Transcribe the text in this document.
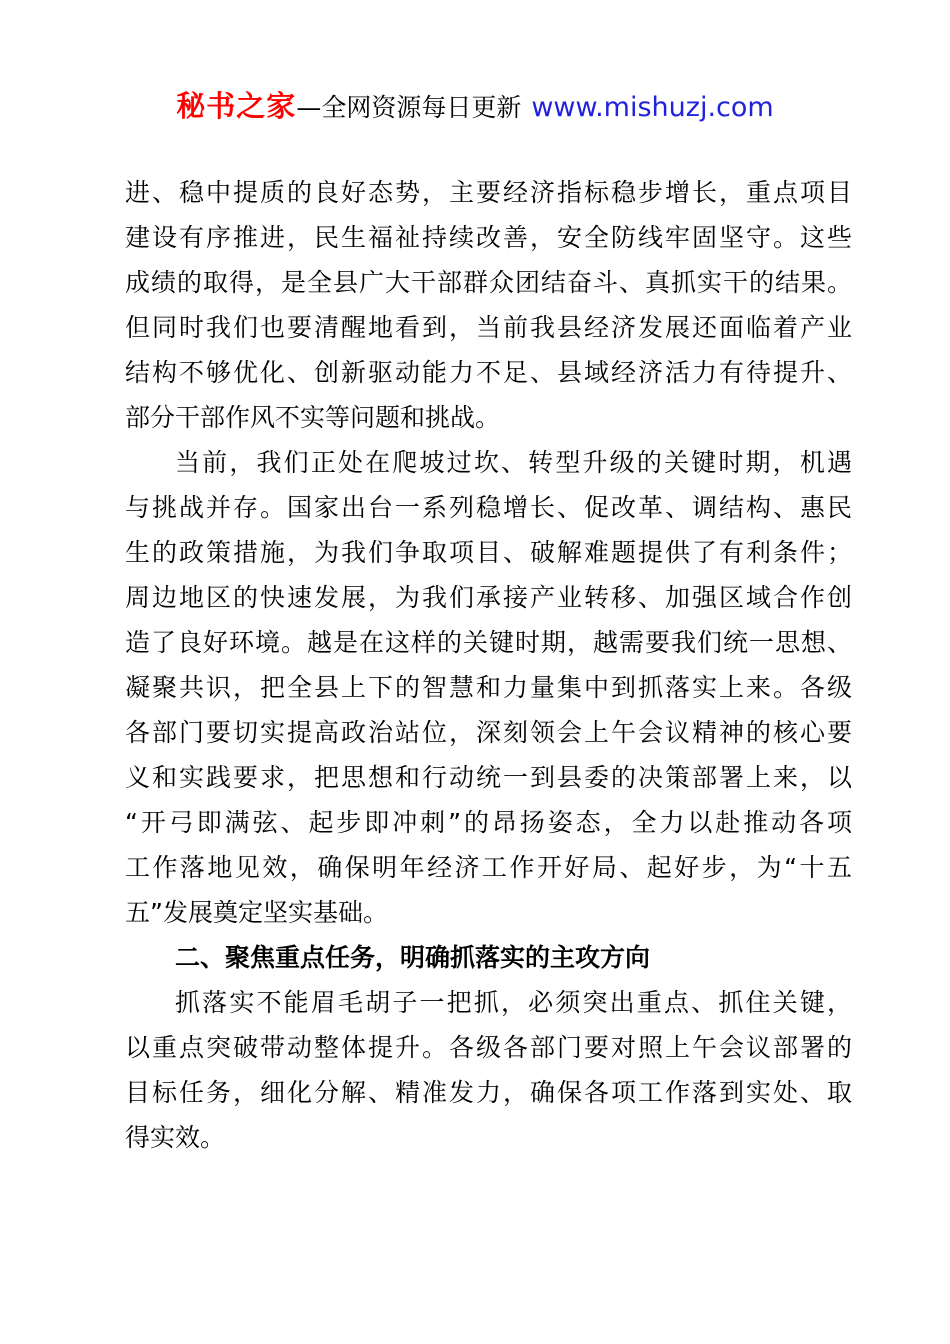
秘书之家—全网资源每日更新 www.mishuzj.com
进、稳中提质的良好态势，主要经济指标稳步增长，重点项目
建设有序推进，民生福祉持续改善，安全防线牢固坚守。这些
成绩的取得，是全县广大干部群众团结奋斗、真抓实干的结果。
但同时我们也要清醒地看到，当前我县经济发展还面临着产业
结构不够优化、创新驱动能力不足、县域经济活力有待提升、
部分干部作风不实等问题和挑战。
当前，我们正处在爬坡过坎、转型升级的关键时期，机遇
与挑战并存。国家出台一系列稳增长、促改革、调结构、惠民
生的政策措施，为我们争取项目、破解难题提供了有利条件；
周边地区的快速发展，为我们承接产业转移、加强区域合作创
造了良好环境。越是在这样的关键时期，越需要我们统一思想、
凝聚共识，把全县上下的智慧和力量集中到抓落实上来。各级
各部门要切实提高政治站位，深刻领会上午会议精神的核心要
义和实践要求，把思想和行动统一到县委的决策部署上来，以
“开弓即满弦、起步即冲刺”的昂扬姿态，全力以赴推动各项
工作落地见效，确保明年经济工作开好局、起好步，为“十五
五”发展奠定坚实基础。
二、聚焦重点任务，明确抓落实的主攻方向
抓落实不能眉毛胡子一把抓，必须突出重点、抓住关键，
以重点突破带动整体提升。各级各部门要对照上午会议部署的
目标任务，细化分解、精准发力，确保各项工作落到实处、取
得实效。
